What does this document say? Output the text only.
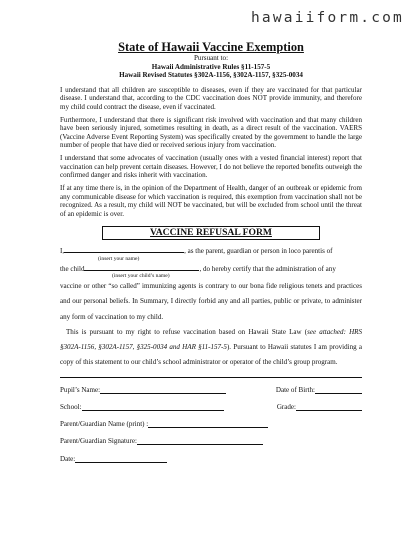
hawaiiform.com
State of Hawaii Vaccine Exemption
Pursuant to:
Hawaii Administrative Rules §11-157-5
Hawaii Revised Statutes §302A-1156, §302A-1157, §325-0034

I understand that all children are susceptible to diseases, even if they are vaccinated for that particular disease. I understand that, according to the CDC vaccination does NOT provide immunity, and therefore my child could contract the disease, even if vaccinated.

Furthermore, I understand that there is significant risk involved with vaccination and that many children have been seriously injured, sometimes resulting in death, as a direct result of the vaccination. VAERS (Vaccine Adverse Event Reporting System) was specifically created by the government to handle the large number of people that have died or received serious injury from vaccination.

I understand that some advocates of vaccination (usually ones with a vested financial interest) report that vaccination can help prevent certain diseases. However, I do not believe the reported benefits outweigh the confirmed danger and risks inherit with vaccination.

If at any time there is, in the opinion of the Department of Health, danger of an outbreak or epidemic from any communicable disease for which vaccination is required, this exemption from vaccination shall not be recognized. As a result, my child will NOT be vaccinated, but will be excluded from school until the threat of an epidemic is over.

VACCINE REFUSAL FORM
I,	, as the parent, guardian or person in loco parentis of
(insert your name)
the child	, do hereby certify that the administration of any
(insert your child’s name)
vaccine or other “so called” immunizing agents is contrary to our bona fide religious tenets and practices and our personal beliefs. In Summary, I directly forbid any and all parties, public or private, to administer any form of vaccination to my child.
This is pursuant to my right to refuse vaccination based on Hawaii State Law (see attached: HRS §302A-1156, §302A-1157, §325-0034 and HAR §11-157-5). Pursuant to Hawaii statutes I am providing a copy of this statement to our child’s school administrator or operator of the child’s group program.
Pupil’s Name:	Date of Birth:
School:	Grade:
Parent/Guardian Name (print) :
Parent/Guardian Signature:
Date:
